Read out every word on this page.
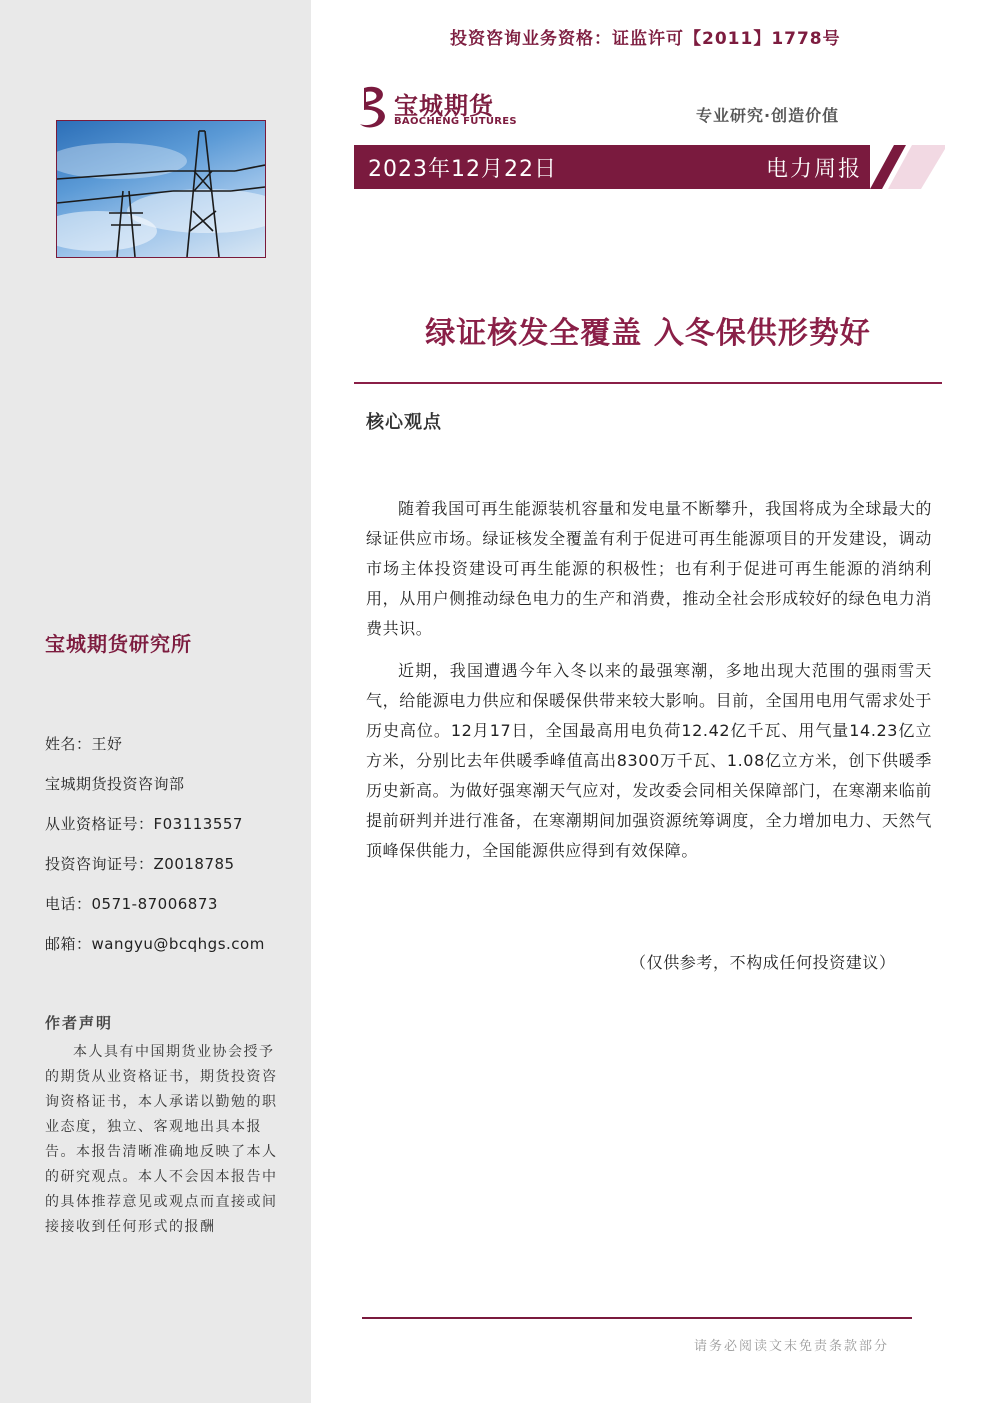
宝城期货研究所
姓名：王妤
宝城期货投资咨询部
从业资格证号：F03113557
投资咨询证号：Z0018785
电话：0571-87006873
邮箱：wangyu@bcqhgs.com
作者声明
本人具有中国期货业协会授予的期货从业资格证书，期货投资咨询资格证书，本人承诺以勤勉的职业态度，独立、客观地出具本报告。本报告清晰准确地反映了本人的研究观点。本人不会因本报告中的具体推荐意见或观点而直接或间接接收到任何形式的报酬
投资咨询业务资格：证监许可【2011】1778号
宝城期货
BAOCHENG FUTURES	专业研究·创造价值
2023年12月22日	电力周报
绿证核发全覆盖 入冬保供形势好
核心观点
随着我国可再生能源装机容量和发电量不断攀升，我国将成为全球最大的绿证供应市场。绿证核发全覆盖有利于促进可再生能源项目的开发建设，调动市场主体投资建设可再生能源的积极性；也有利于促进可再生能源的消纳利用，从用户侧推动绿色电力的生产和消费，推动全社会形成较好的绿色电力消费共识。
近期，我国遭遇今年入冬以来的最强寒潮，多地出现大范围的强雨雪天气，给能源电力供应和保暖保供带来较大影响。目前，全国用电用气需求处于历史高位。12月17日，全国最高用电负荷12.42亿千瓦、用气量14.23亿立方米，分别比去年供暖季峰值高出8300万千瓦、1.08亿立方米，创下供暖季历史新高。为做好强寒潮天气应对，发改委会同相关保障部门，在寒潮来临前提前研判并进行准备，在寒潮期间加强资源统筹调度，全力增加电力、天然气顶峰保供能力，全国能源供应得到有效保障。
（仅供参考，不构成任何投资建议）
请务必阅读文末免责条款部分
